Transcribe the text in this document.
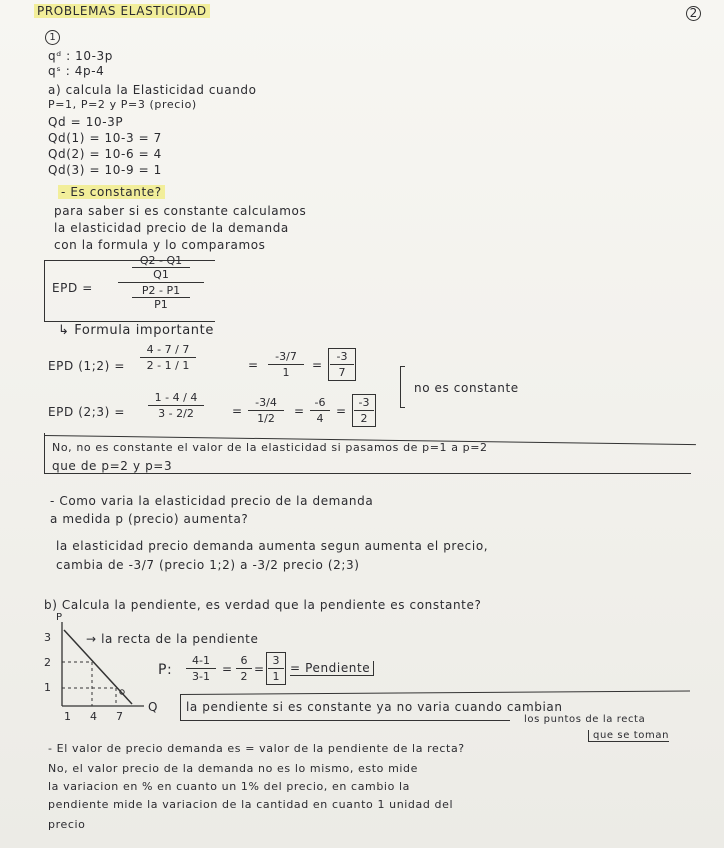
PROBLEMAS ELASTICIDAD	2
1
qᵈ : 10-3p
qˢ : 4p-4
a) calcula la Elasticidad cuando
P=1, P=2 y P=3 (precio)
Qd = 10-3P
Qd(1) = 10-3 = 7
Qd(2) = 10-6 = 4
Qd(3) = 10-9 = 1
- Es constante?
para saber si es constante calculamos
la elasticidad precio de la demanda
con la formula y lo comparamos
EPD =
Q2 - Q1
Q1
P2 - P1
P1
↳ Formula importante
EPD (1;2) =
4 - 7 / 7
2 - 1 / 1	=
-3/7
1
=
-3
7
no es constante
EPD (2;3) =
1 - 4 / 4
3 - 2/2	=
-3/4
1/2
=
-6
4
=
-3
2
No, no es constante el valor de la elasticidad si pasamos de p=1 a p=2
que de p=2 y p=3
- Como varia la elasticidad precio de la demanda
a medida p (precio) aumenta?
la elasticidad precio demanda aumenta segun aumenta el precio,
cambia de -3/7 (precio 1;2) a -3/2 precio (2;3)
b) Calcula la pendiente, es verdad que la pendiente es constante?
P
Q
3
2
1
1 4 7
→ la recta de la pendiente
P:
4-1
3-1
=
6
2
=
3
1
= Pendiente
la pendiente si es constante ya no varia cuando cambian
los puntos de la recta
que se toman
- El valor de precio demanda es = valor de la pendiente de la recta?
No, el valor precio de la demanda no es lo mismo, esto mide
la variacion en % en cuanto un 1% del precio, en cambio la
pendiente mide la variacion de la cantidad en cuanto 1 unidad del
precio
